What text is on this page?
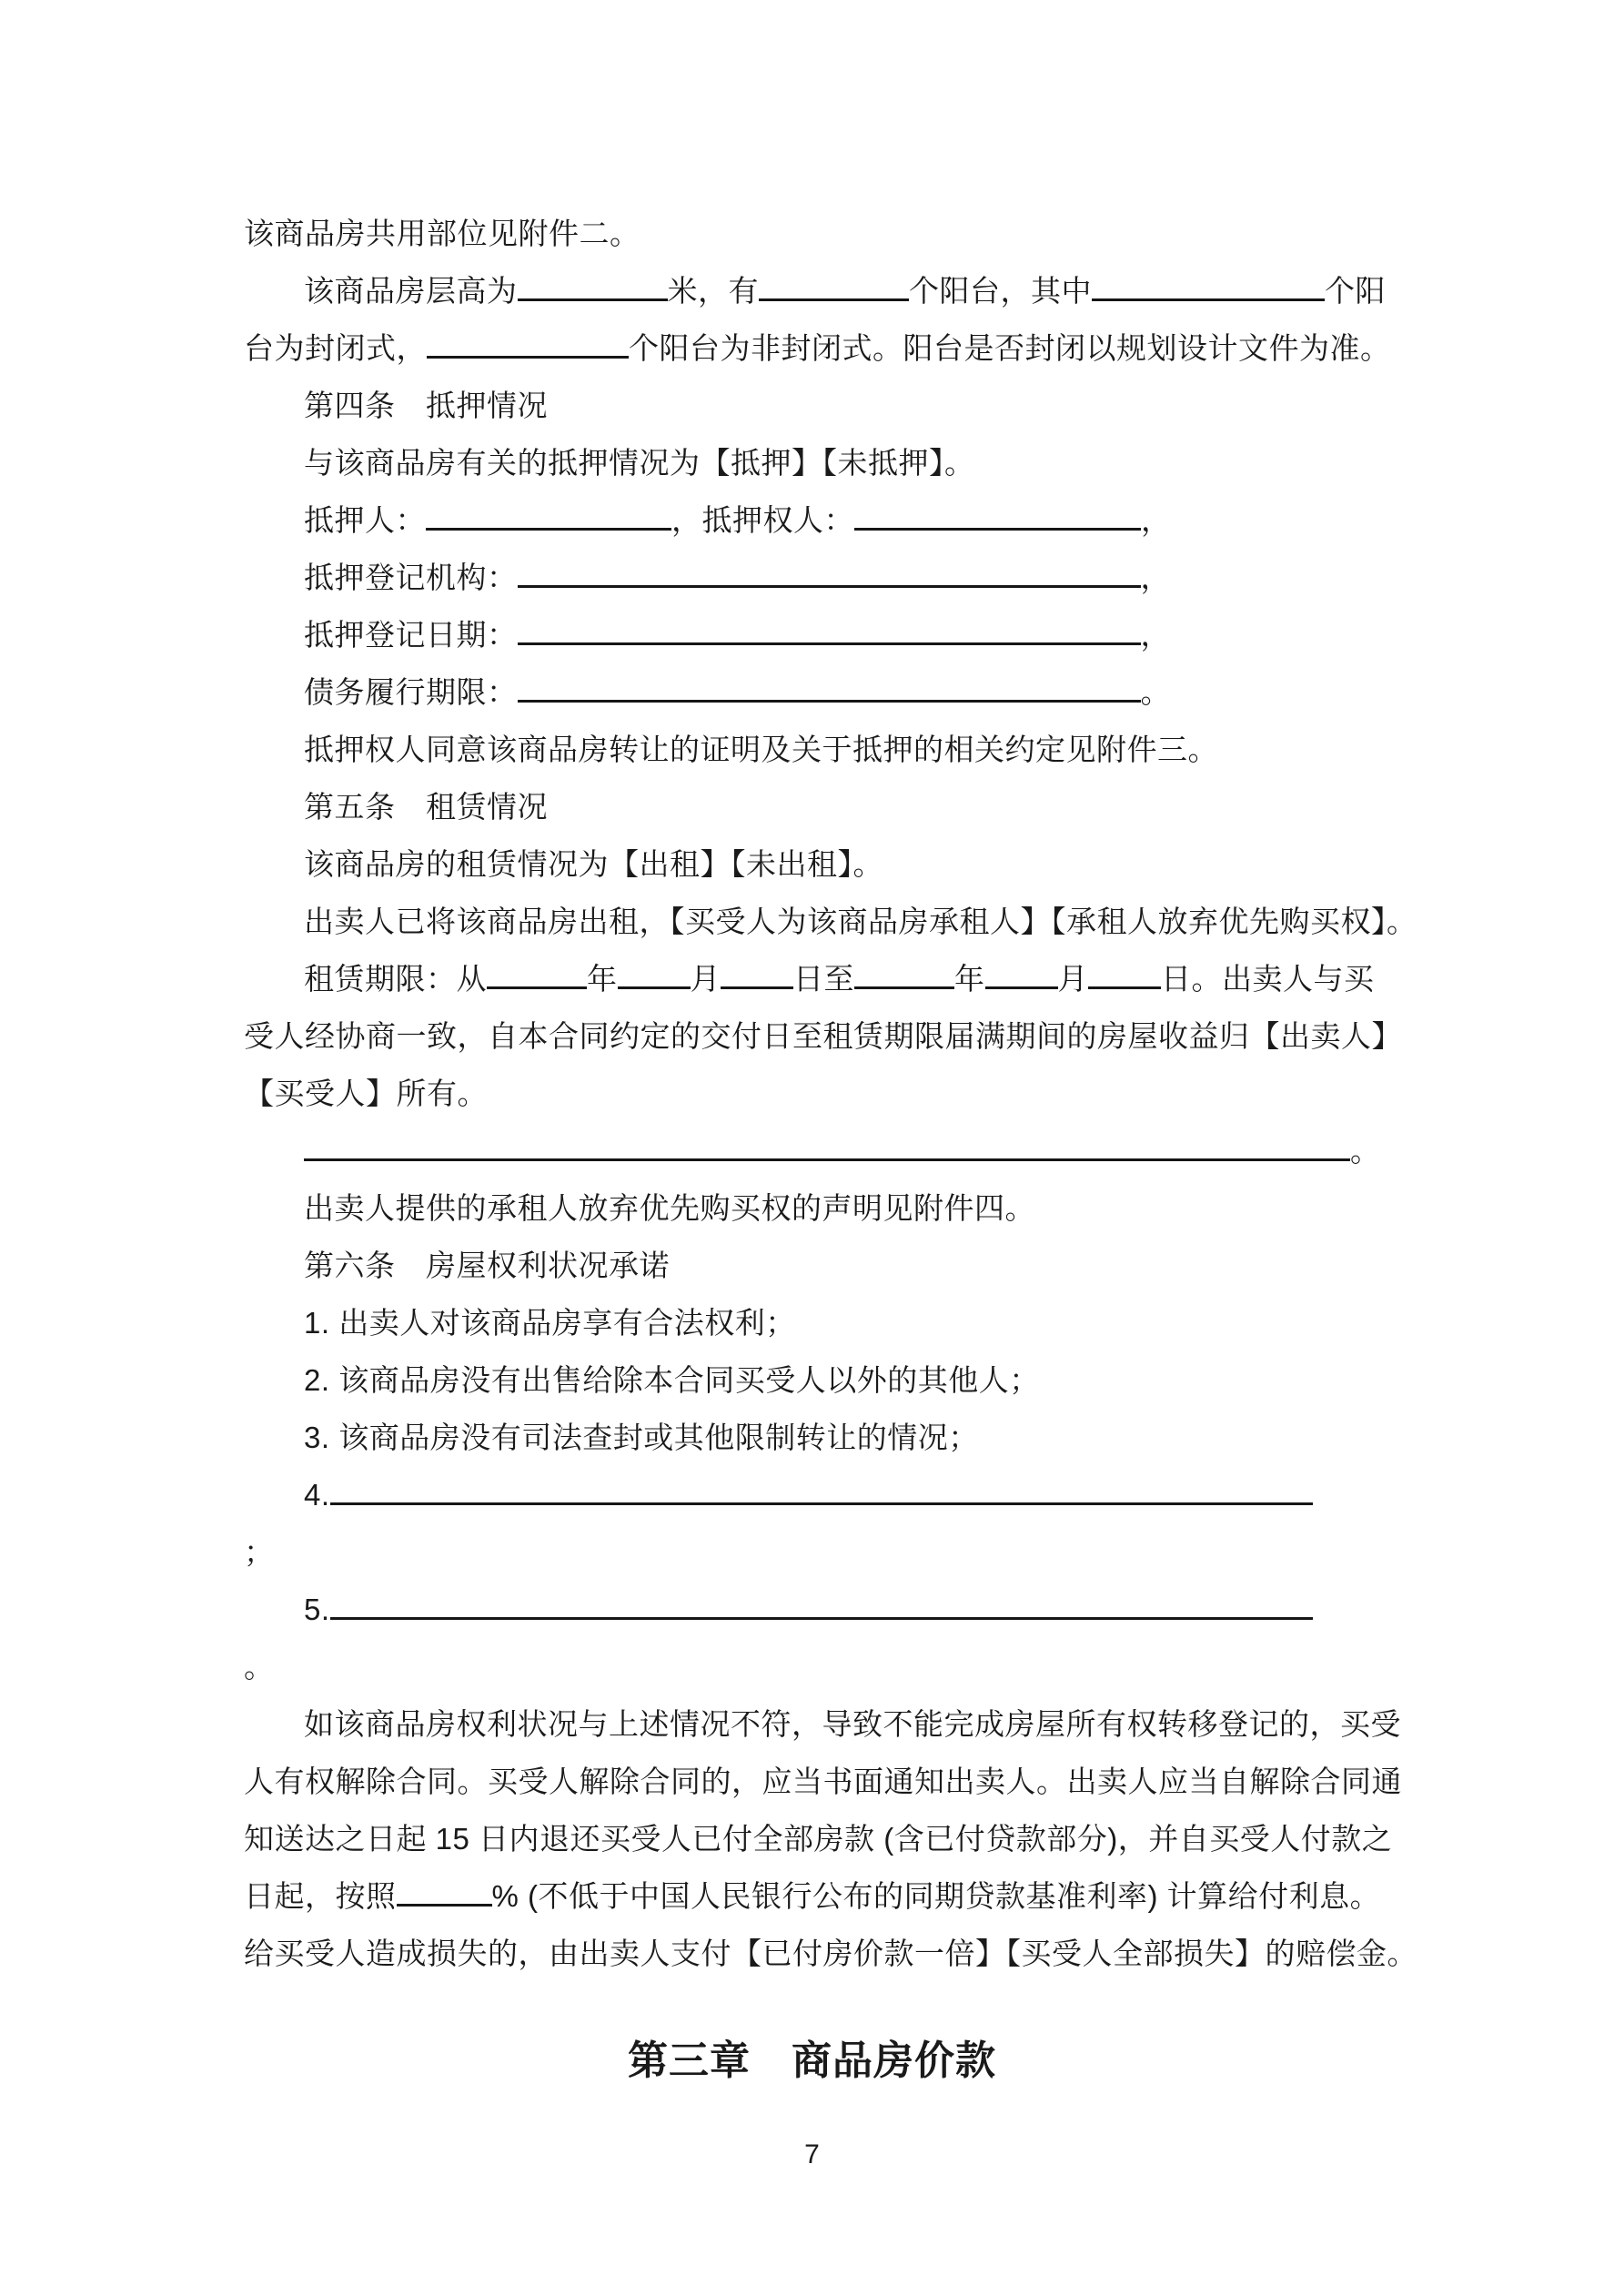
该商品房共用部位见附件二。
该商品房层高为	米，有	个阳台，其中	个阳
台为封闭式，	个阳台为非封闭式。阳台是否封闭以规划设计文件为准。
第四条　抵押情况
与该商品房有关的抵押情况为【抵押】【未抵押】。
抵押人：	，抵押权人：	，
抵押登记机构：	，
抵押登记日期：	，
债务履行期限：	。
抵押权人同意该商品房转让的证明及关于抵押的相关约定见附件三。
第五条　租赁情况
该商品房的租赁情况为【出租】【未出租】。
出卖人已将该商品房出租，【买受人为该商品房承租人】【承租人放弃优先购买权】。
租赁期限：从	年 月 日至	年 月 日。出卖人与买
受人经协商一致，自本合同约定的交付日至租赁期限届满期间的房屋收益归【出卖人】
【买受人】所有。
。
出卖人提供的承租人放弃优先购买权的声明见附件四。
第六条　房屋权利状况承诺
1. 出卖人对该商品房享有合法权利；
2. 该商品房没有出售给除本合同买受人以外的其他人；
3. 该商品房没有司法查封或其他限制转让的情况；
4.
；
5.
。
如该商品房权利状况与上述情况不符，导致不能完成房屋所有权转移登记的，买受
人有权解除合同。买受人解除合同的，应当书面通知出卖人。出卖人应当自解除合同通
知送达之日起 15 日内退还买受人已付全部房款 (含已付贷款部分)，并自买受人付款之
日起，按照	% (不低于中国人民银行公布的同期贷款基准利率) 计算给付利息。
给买受人造成损失的，由出卖人支付【已付房价款一倍】【买受人全部损失】的赔偿金。
第三章　商品房价款
7
